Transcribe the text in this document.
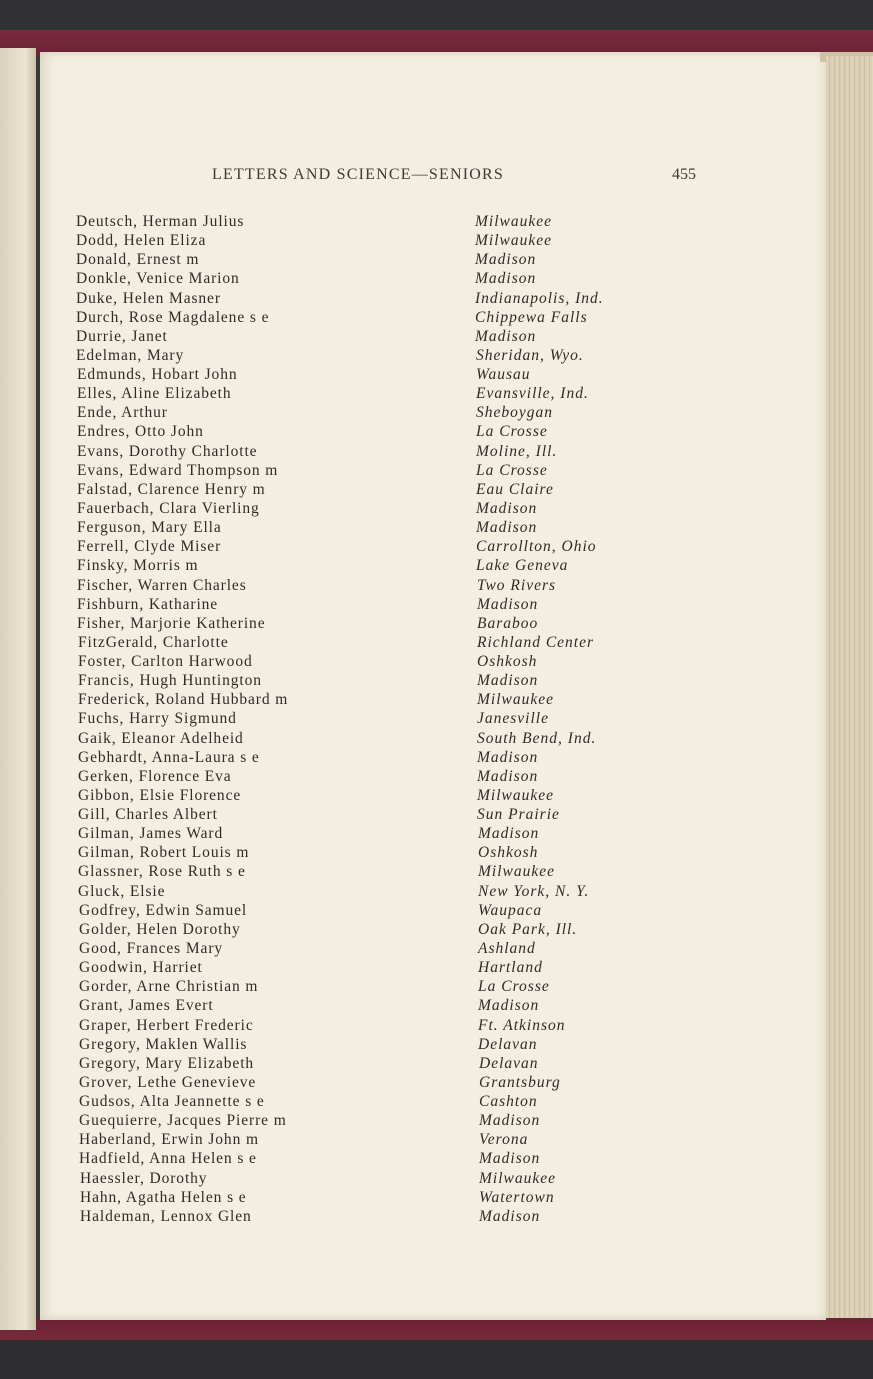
LETTERS AND SCIENCE—SENIORS	455
Deutsch, Herman Julius	Milwaukee
Dodd, Helen Eliza	Milwaukee
Donald, Ernest m	Madison
Donkle, Venice Marion	Madison
Duke, Helen Masner	Indianapolis, Ind.
Durch, Rose Magdalene s e	Chippewa Falls
Durrie, Janet	Madison
Edelman, Mary	Sheridan, Wyo.
Edmunds, Hobart John	Wausau
Elles, Aline Elizabeth	Evansville, Ind.
Ende, Arthur	Sheboygan
Endres, Otto John	La Crosse
Evans, Dorothy Charlotte	Moline, Ill.
Evans, Edward Thompson m	La Crosse
Falstad, Clarence Henry m	Eau Claire
Fauerbach, Clara Vierling	Madison
Ferguson, Mary Ella	Madison
Ferrell, Clyde Miser	Carrollton, Ohio
Finsky, Morris m	Lake Geneva
Fischer, Warren Charles	Two Rivers
Fishburn, Katharine	Madison
Fisher, Marjorie Katherine	Baraboo
FitzGerald, Charlotte	Richland Center
Foster, Carlton Harwood	Oshkosh
Francis, Hugh Huntington	Madison
Frederick, Roland Hubbard m	Milwaukee
Fuchs, Harry Sigmund	Janesville
Gaik, Eleanor Adelheid	South Bend, Ind.
Gebhardt, Anna-Laura s e	Madison
Gerken, Florence Eva	Madison
Gibbon, Elsie Florence	Milwaukee
Gill, Charles Albert	Sun Prairie
Gilman, James Ward	Madison
Gilman, Robert Louis m	Oshkosh
Glassner, Rose Ruth s e	Milwaukee
Gluck, Elsie	New York, N. Y.
Godfrey, Edwin Samuel	Waupaca
Golder, Helen Dorothy	Oak Park, Ill.
Good, Frances Mary	Ashland
Goodwin, Harriet	Hartland
Gorder, Arne Christian m	La Crosse
Grant, James Evert	Madison
Graper, Herbert Frederic	Ft. Atkinson
Gregory, Maklen Wallis	Delavan
Gregory, Mary Elizabeth	Delavan
Grover, Lethe Genevieve	Grantsburg
Gudsos, Alta Jeannette s e	Cashton
Guequierre, Jacques Pierre m	Madison
Haberland, Erwin John m	Verona
Hadfield, Anna Helen s e	Madison
Haessler, Dorothy	Milwaukee
Hahn, Agatha Helen s e	Watertown
Haldeman, Lennox Glen	Madison
